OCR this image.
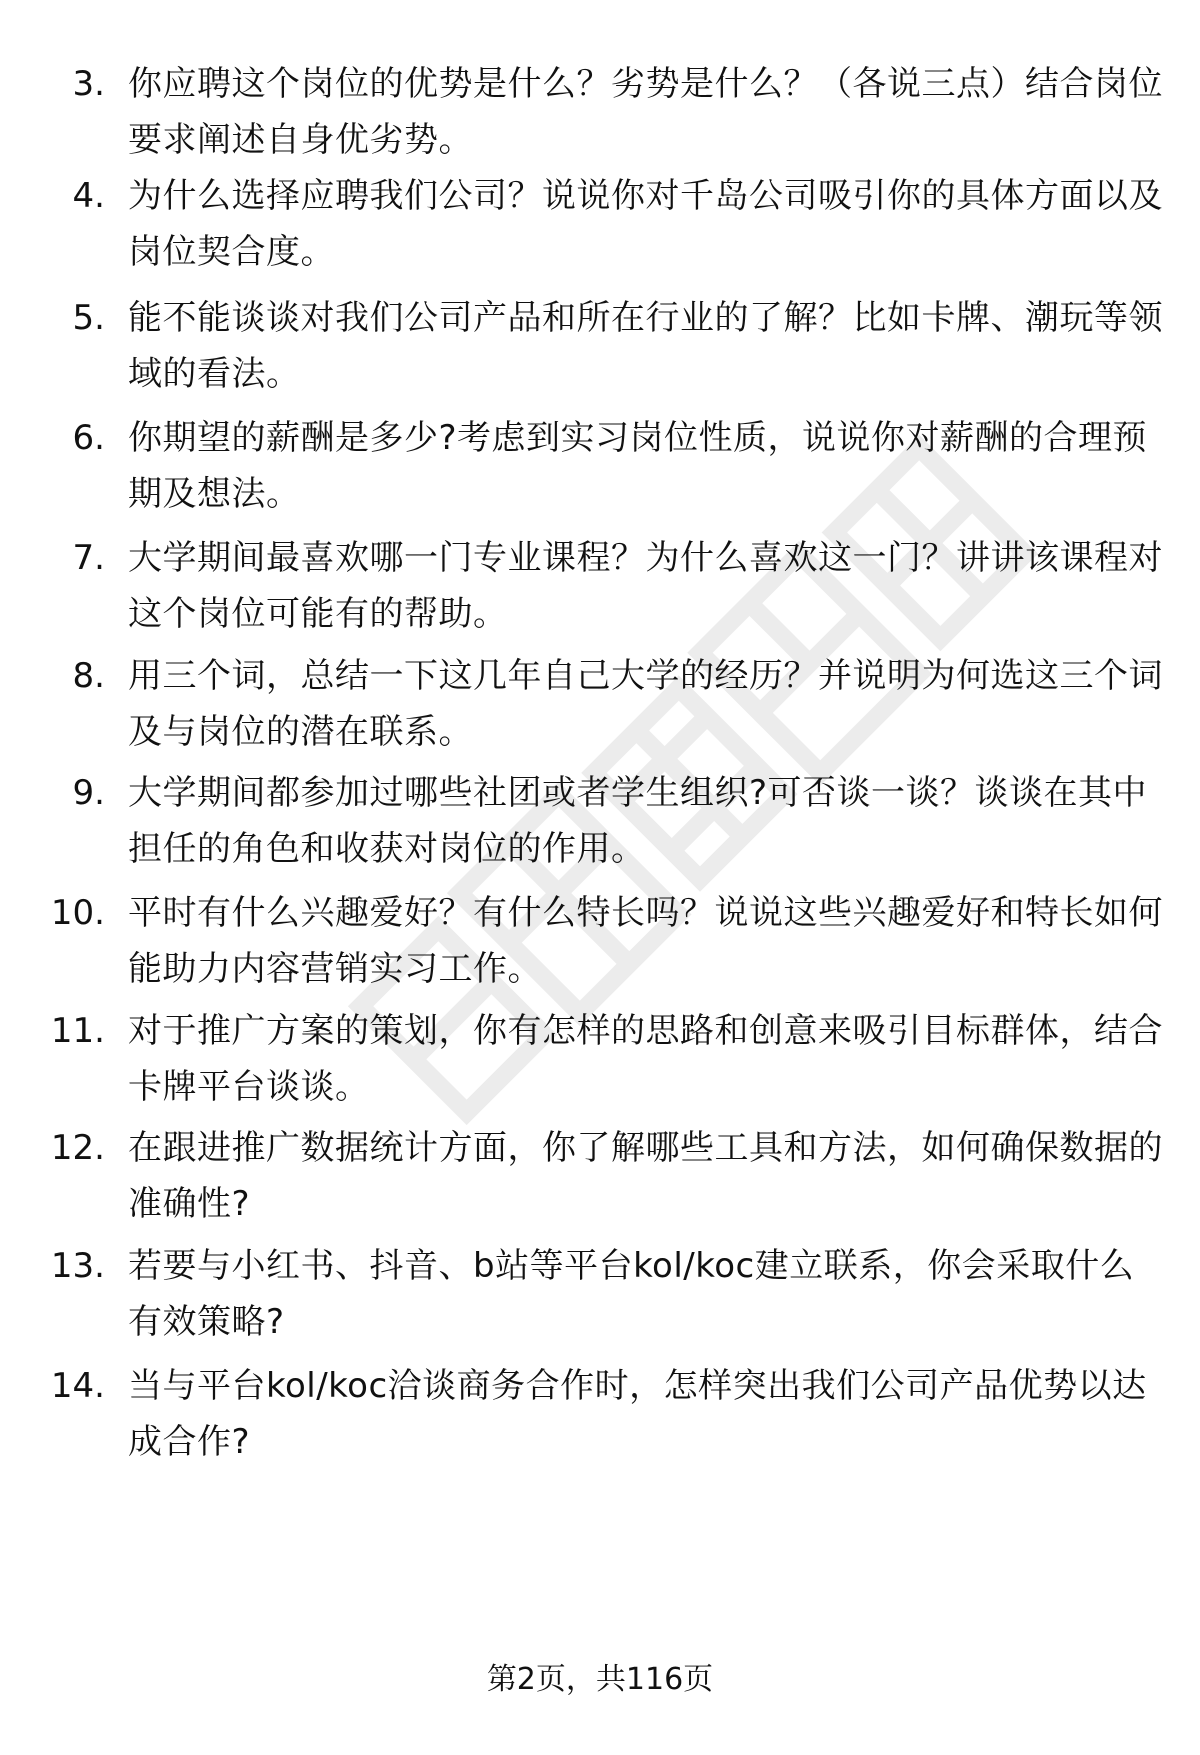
3. 你应聘这个岗位的优势是什么？劣势是什么？（各说三点）结合岗位要求阐述自身优劣势。
4. 为什么选择应聘我们公司？说说你对千岛公司吸引你的具体方面以及岗位契合度。
5. 能不能谈谈对我们公司产品和所在行业的了解？比如卡牌、潮玩等领域的看法。
6. 你期望的薪酬是多少?考虑到实习岗位性质，说说你对薪酬的合理预期及想法。
7. 大学期间最喜欢哪一门专业课程？为什么喜欢这一门？讲讲该课程对这个岗位可能有的帮助。
8. 用三个词，总结一下这几年自己大学的经历？并说明为何选这三个词及与岗位的潜在联系。
9. 大学期间都参加过哪些社团或者学生组织?可否谈一谈？谈谈在其中担任的角色和收获对岗位的作用。
10. 平时有什么兴趣爱好？有什么特长吗？说说这些兴趣爱好和特长如何能助力内容营销实习工作。
11. 对于推广方案的策划，你有怎样的思路和创意来吸引目标群体，结合卡牌平台谈谈。
12. 在跟进推广数据统计方面，你了解哪些工具和方法，如何确保数据的准确性?
13. 若要与小红书、抖音、b站等平台kol/koc建立联系，你会采取什么有效策略?
14. 当与平台kol/koc洽谈商务合作时，怎样突出我们公司产品优势以达成合作?
第2页，共116页
